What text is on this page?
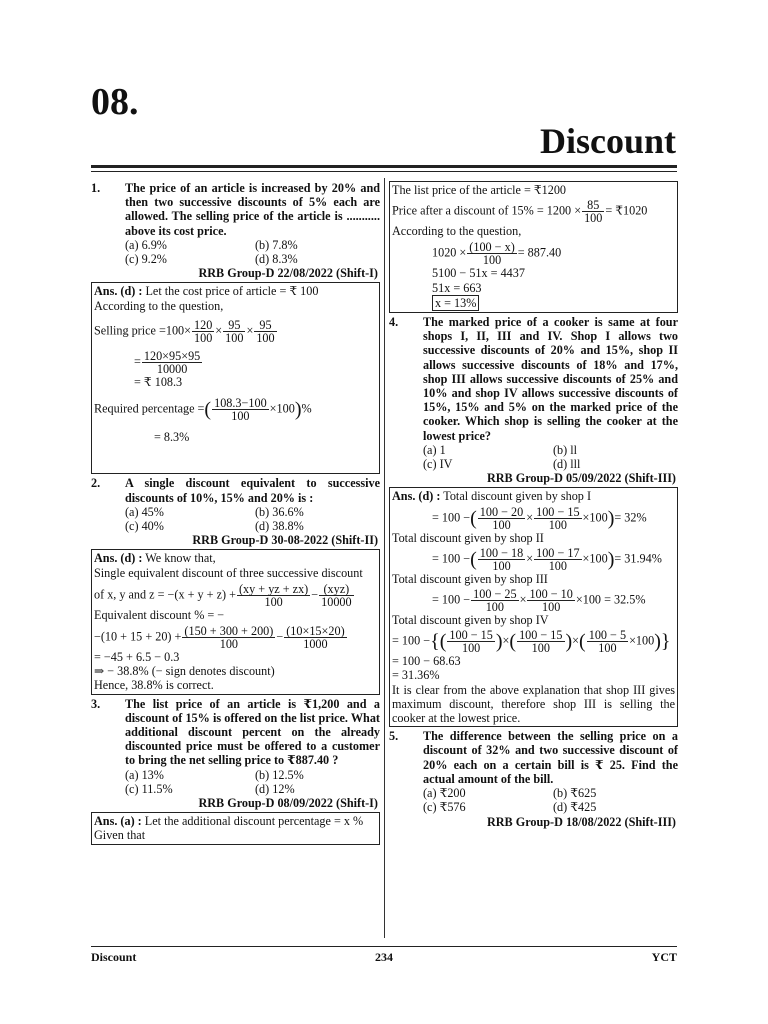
08.
Discount
1.	The price of an article is increased by 20% and then two successive discounts of 5% each are allowed. The selling price of the article is ........... above its cost price.
(a) 6.9%	(b) 7.8%
(c) 9.2%	(d) 8.3%
RRB Group-D 22/08/2022 (Shift-I)
Ans. (d) : Let the cost price of article = ₹ 100
According to the question,
Selling price $=100\times \frac{120}{100} \times \frac{95}{100} \times \frac{95}{100}$
= $\frac{120\times 95\times 95}{10000}$
= ₹ 108.3
Required percentage =( $\frac{108.3-100}{100} \times 100)\%$
= 8.3%
2.	A single discount equivalent to successive discounts of 10%, 15% and 20% is :
(a) 45%	(b) 36.6%
(c) 40%	(d) 38.8%
RRB Group-D 30-08-2022 (Shift-II)
Ans. (d) : We know that,
Single equivalent discount of three successive discount
of x, y and $z = -(x + y + z) + \frac{(xy + yz + zx)}{100} - \frac{\text{(xyz)}}{10000}$
Equivalent discount % = −
$-(10 + 15 + 20) + \frac{(150 + 300 + 200)}{100} - \frac{(10\times 15\times 20)}{1000}$
= −45 + 6.5 − 0.3
⇒ − 38.8% (− sign denotes discount)
Hence, 38.8% is correct.
3.	The list price of an article is ₹1,200 and a discount of 15% is offered on the list price. What additional discount percent on the already discounted price must be offered to a customer to bring the net selling price to ₹887.40 ?
(a) 13%	(b) 12.5%
(c) 11.5%	(d) 12%
RRB Group-D 08/09/2022 (Shift-I)
Ans. (a) : Let the additional discount percentage = x %
Given that
The list price of the article = ₹1200
Price after a discount of $15\% = 1200 \times \frac{85}{100}$ = ₹1020
According to the question,
$1020 \times \frac{(100 - x)}{100} = 887.40$
5100 − 51x = 4437
51x = 663
x = 13%
4.	The marked price of a cooker is same at four shops I, II, III and IV. Shop I allows two successive discounts of 20% and 15%, shop II allows successive discounts of 18% and 17%, shop III allows successive discounts of 25% and 10% and shop IV allows successive discounts of 15%, 15% and 5% on the marked price of the cooker. Which shop is selling the cooker at the lowest price?
(a) 1	(b) ll
(c) IV	(d) lll
RRB Group-D 05/09/2022 (Shift-III)
Ans. (d) : Total discount given by shop I
= 100 −( $\frac{100 - 20}{100} \times \frac{100 - 15}{100} \times 100)= 32\%$
Total discount given by shop II
= 100 −( $\frac{100 - 18}{100} \times \frac{100 - 17}{100} \times 100)= 31.94\%$
Total discount given by shop III
= $100 - \frac{100 - 25}{100} \times \frac{100 - 10}{100} \times 100 = 32.5\%$
Total discount given by shop IV
= 100 −{( $\frac{100 - 15}{100}$ )×( $\frac{100 - 15}{100}$ )×( $\frac{100 - 5}{100} \times 100$)}
= 100 − 68.63
= 31.36%
It is clear from the above explanation that shop III gives maximum discount, therefore shop III is selling the cooker at the lowest price.
5.	The difference between the selling price on a discount of 32% and two successive discount of 20% each on a certain bill is ₹ 25. Find the actual amount of the bill.
(a) ₹200	(b) ₹625
(c) ₹576	(d) ₹425
RRB Group-D 18/08/2022 (Shift-III)
Discount	234	YCT
